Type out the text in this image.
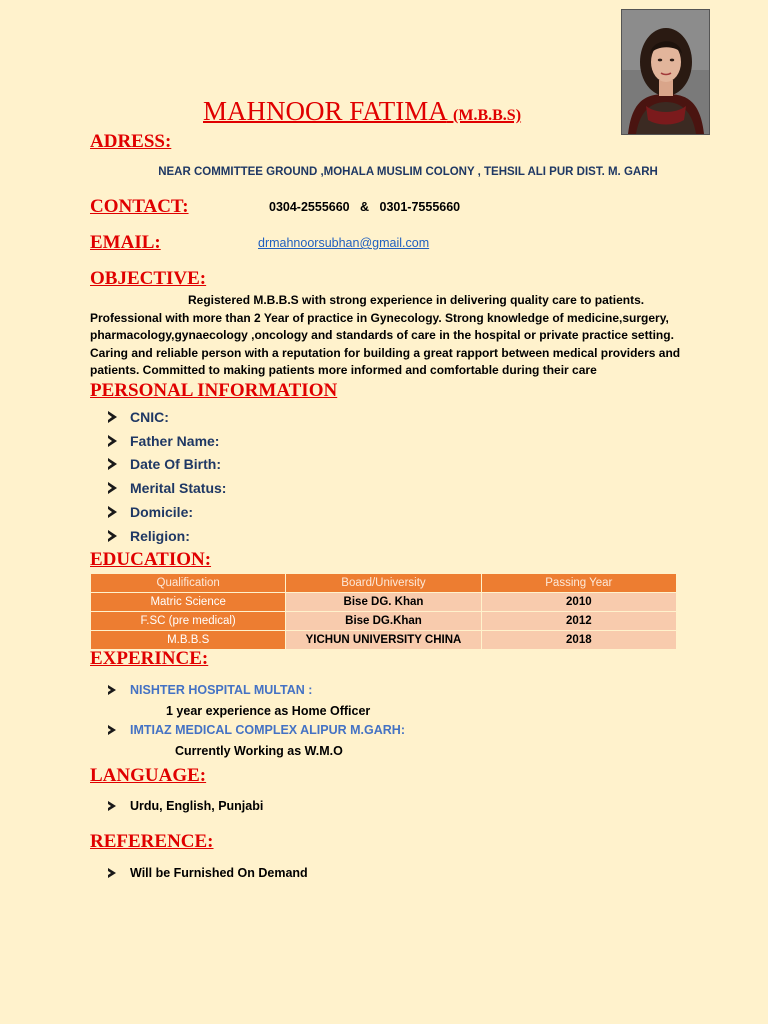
MAHNOOR FATIMA (M.B.B.S)
ADRESS:
NEAR COMMITTEE GROUND ,MOHALA MUSLIM COLONY , TEHSIL ALI PUR DIST. M. GARH
CONTACT:	0304-2555660   &   0301-7555660
EMAIL:	drmahnoorsubhan@gmail.com
OBJECTIVE:
Registered M.B.B.S with strong experience in delivering quality care to patients.
Professional with more than 2 Year of practice in Gynecology. Strong knowledge of medicine,surgery, pharmacology,gynaecology ,oncology and standards of care in the hospital or private practice setting. Caring and reliable person with a reputation for building a great rapport between medical providers and patients. Committed to making patients more informed and comfortable during their care
PERSONAL INFORMATION
CNIC:
Father Name:
Date Of Birth:
Merital Status:
Domicile:
Religion:
EDUCATION:
Qualification	Board/University	Passing Year
Matric Science	Bise DG. Khan	2010
F.SC (pre medical)	Bise DG.Khan	2012
M.B.B.S	YICHUN UNIVERSITY CHINA	2018
EXPERINCE:
NISHTER HOSPITAL MULTAN :
1 year experience as Home Officer
IMTIAZ MEDICAL COMPLEX ALIPUR M.GARH:
Currently Working as W.M.O
LANGUAGE:
Urdu, English, Punjabi
REFERENCE:
Will be Furnished On Demand
